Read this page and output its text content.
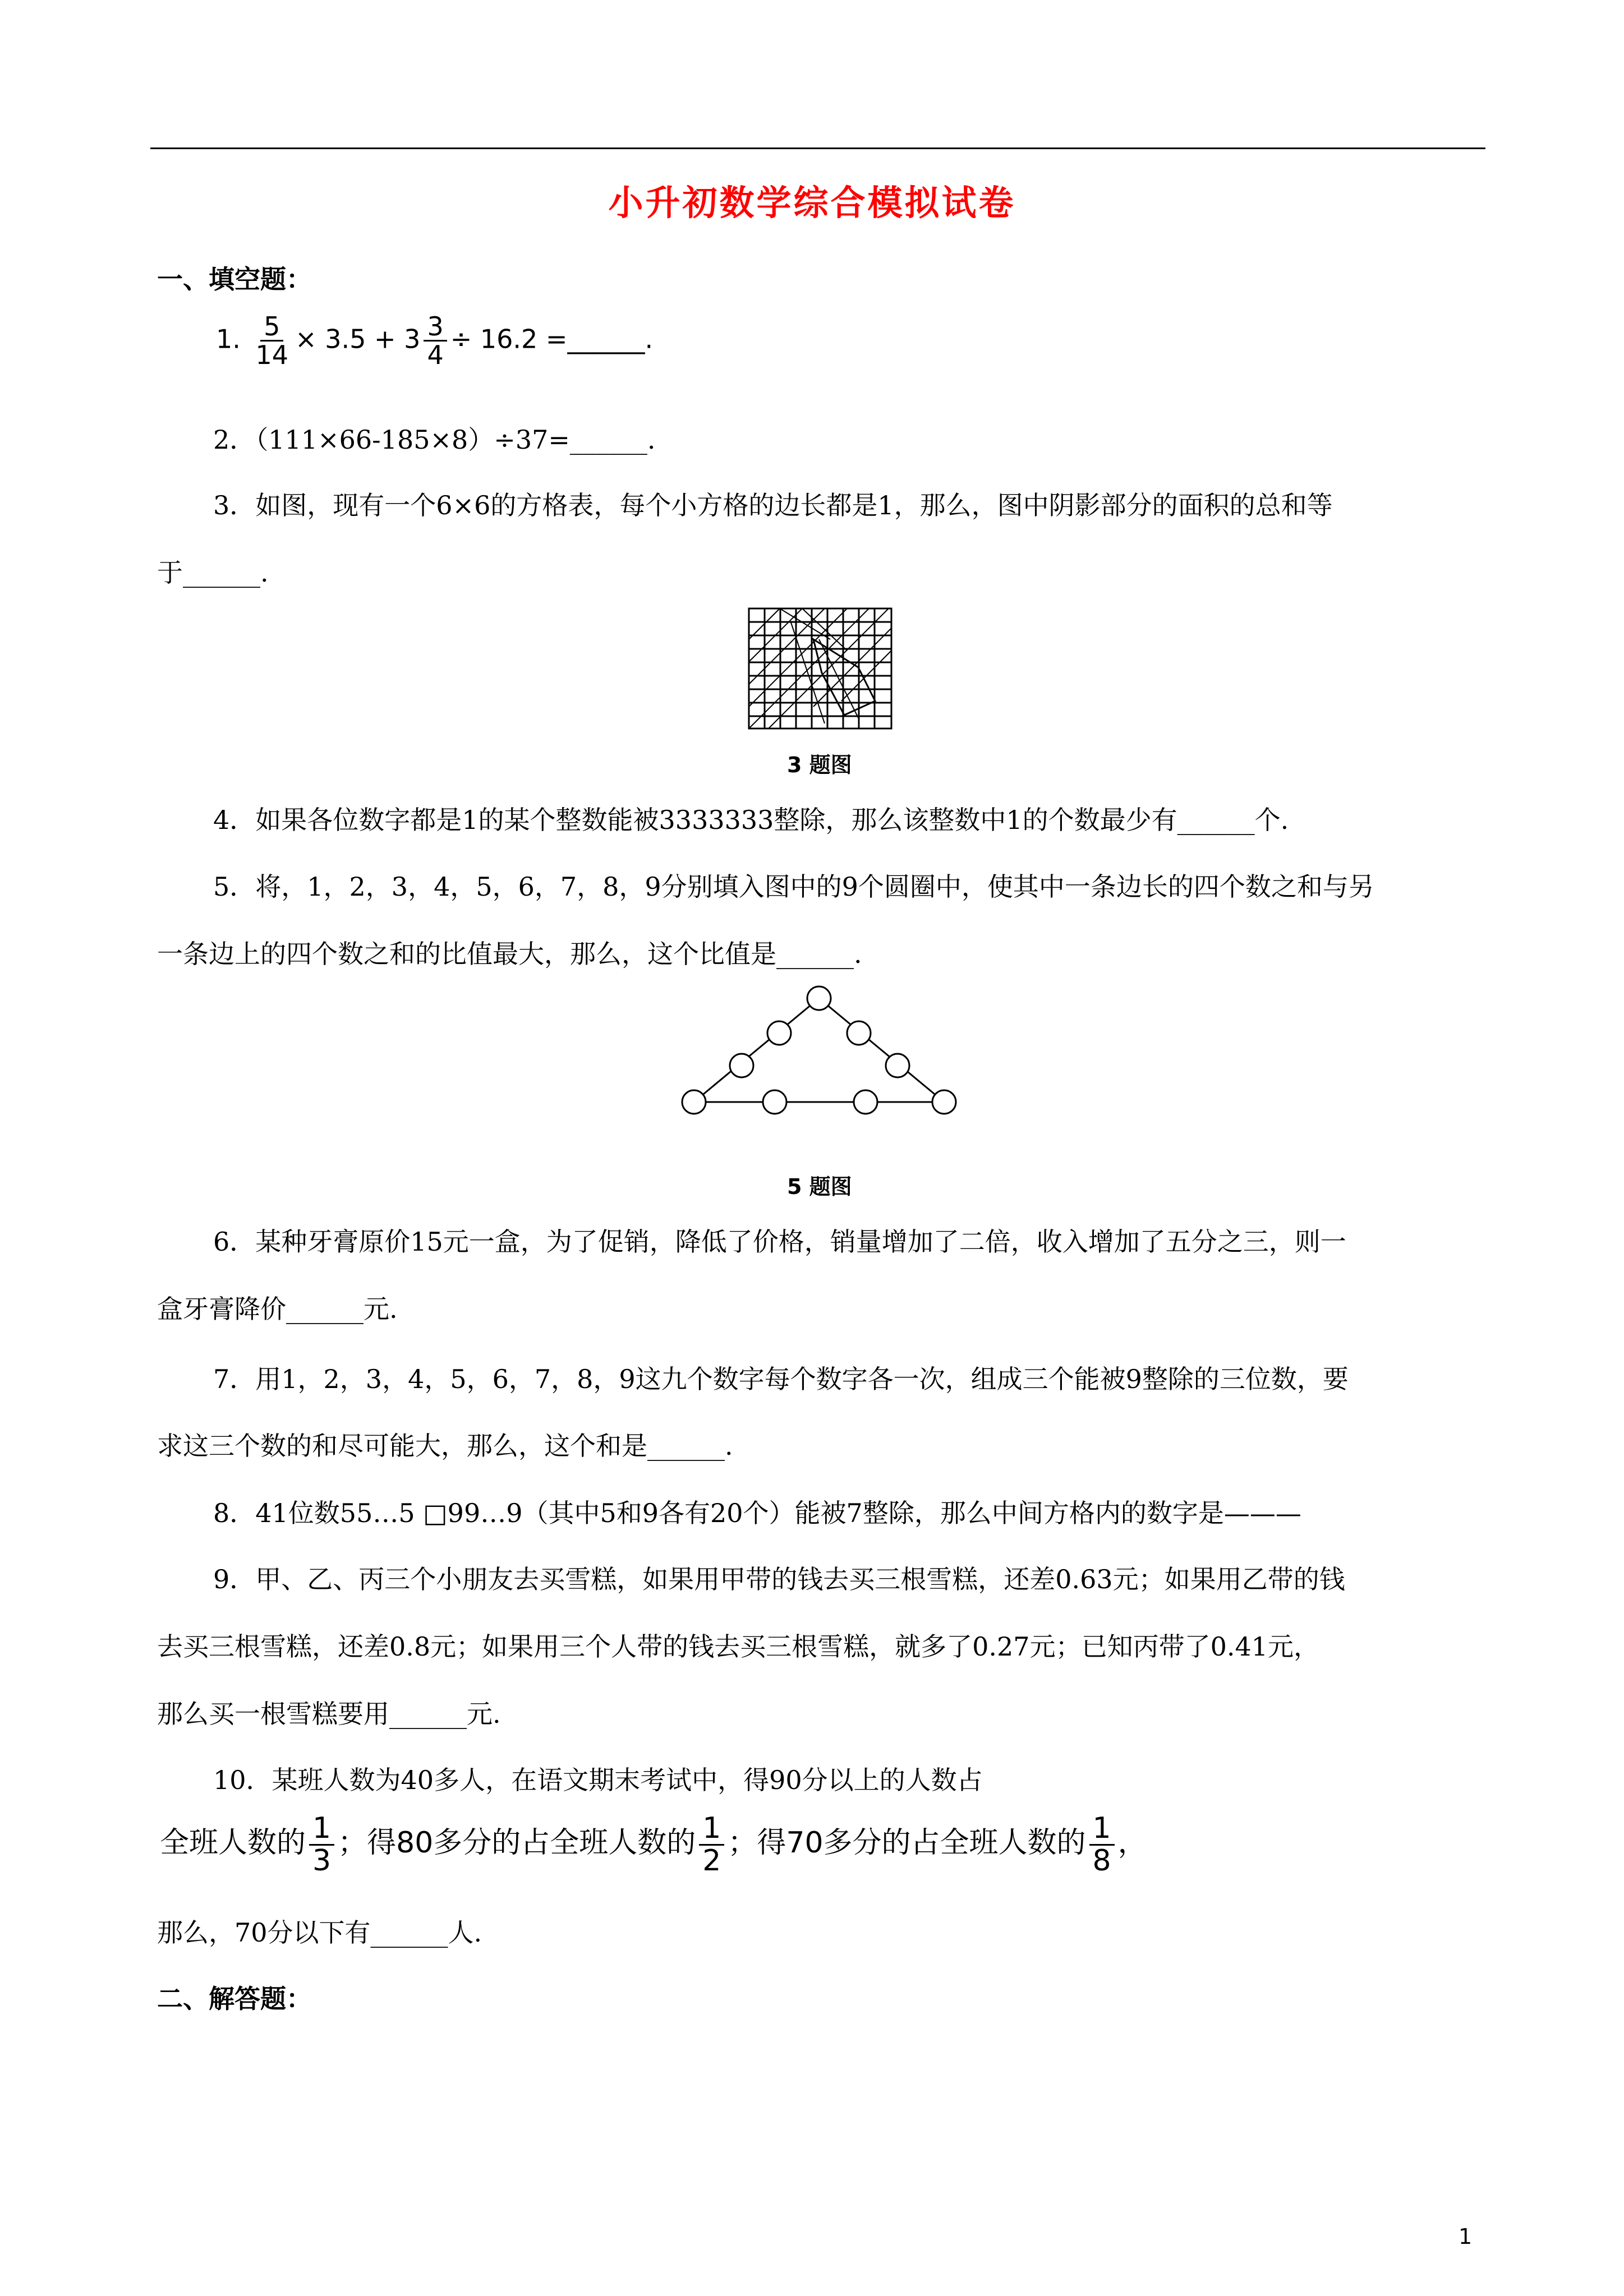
小升初数学综合模拟试卷
一、填空题：
1. $\frac{5}{14} \times 3.5 + 3 \frac{3}{4} \div 16.2$ =______.
2．（111×66-185×8）÷37=______.
3．如图，现有一个6×6的方格表，每个小方格的边长都是1，那么，图中阴影部分的面积的总和等
于______.
3 题图
4．如果各位数字都是1的某个整数能被3333333整除，那么该整数中1的个数最少有______个.
5．将，1，2，3，4，5，6，7，8，9分别填入图中的9个圆圈中，使其中一条边长的四个数之和与另
一条边上的四个数之和的比值最大，那么，这个比值是______.
5 题图
6．某种牙膏原价15元一盒，为了促销，降低了价格，销量增加了二倍，收入增加了五分之三，则一
盒牙膏降价______元.
7．用1，2，3，4，5，6，7，8，9这九个数字每个数字各一次，组成三个能被9整除的三位数，要
求这三个数的和尽可能大，那么，这个和是______.
8．41位数55…5 □99…9（其中5和9各有20个）能被7整除，那么中间方格内的数字是———
9．甲、乙、丙三个小朋友去买雪糕，如果用甲带的钱去买三根雪糕，还差0.63元；如果用乙带的钱
去买三根雪糕，还差0.8元；如果用三个人带的钱去买三根雪糕，就多了0.27元；已知丙带了0.41元，
那么买一根雪糕要用______元.
10．某班人数为40多人，在语文期末考试中，得90分以上的人数占
全班人数的 $\frac{1}{3}$ ；得80多分的占全班人数的 $\frac{1}{2}$ ；得70多分的占全班人数的 $\frac{1}{8}$ ，
那么，70分以下有______人.
二、解答题：
1
